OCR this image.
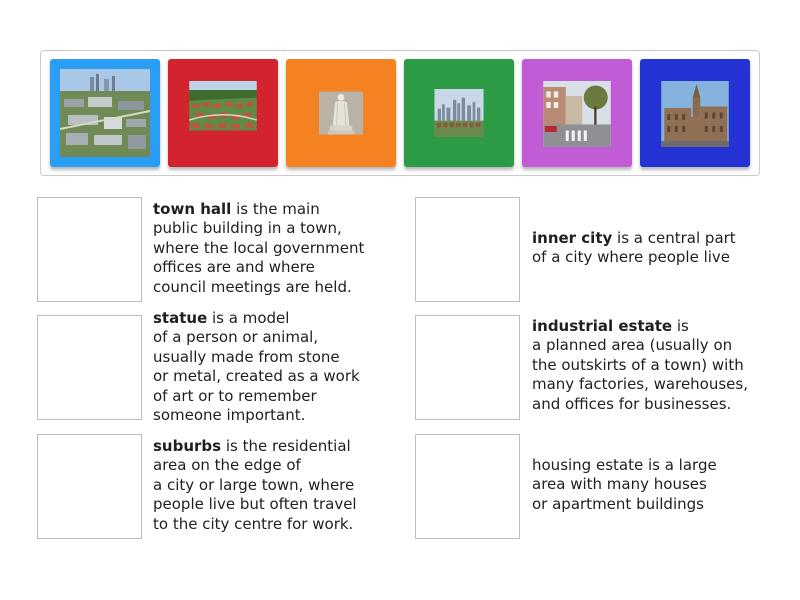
town hall is the main
public building in a town,
where the local government
offices are and where
council meetings are held.
statue is a model
of a person or animal,
usually made from stone
or metal, created as a work
of art or to remember
someone important.
suburbs is the residential
area on the edge of
a city or large town, where
people live but often travel
to the city centre for work.
inner city is a central part
of a city where people live
industrial estate is
a planned area (usually on
the outskirts of a town) with
many factories, warehouses,
and offices for businesses.
housing estate is a large
area with many houses
or apartment buildings
